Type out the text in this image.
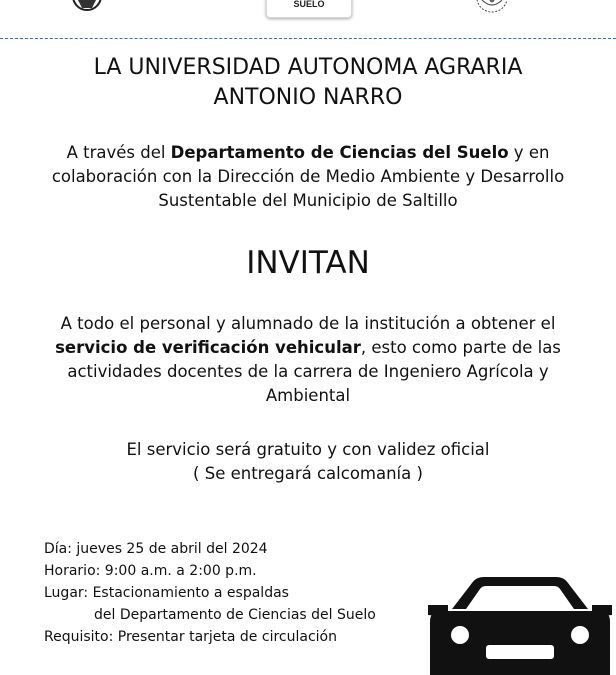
SUELO
LA UNIVERSIDAD AUTONOMA AGRARIA
ANTONIO NARRO
A través del Departamento de Ciencias del Suelo y en
colaboración con la Dirección de Medio Ambiente y Desarrollo
Sustentable del Municipio de Saltillo
INVITAN
A todo el personal y alumnado de la institución a obtener el
servicio de verificación vehicular, esto como parte de las
actividades docentes de la carrera de Ingeniero Agrícola y
Ambiental
El servicio será gratuito y con validez oficial
( Se entregará calcomanía )
Día: jueves 25 de abril del 2024
Horario: 9:00 a.m. a 2:00 p.m.
Lugar: Estacionamiento a espaldas
del Departamento de Ciencias del Suelo
Requisito: Presentar tarjeta de circulación
